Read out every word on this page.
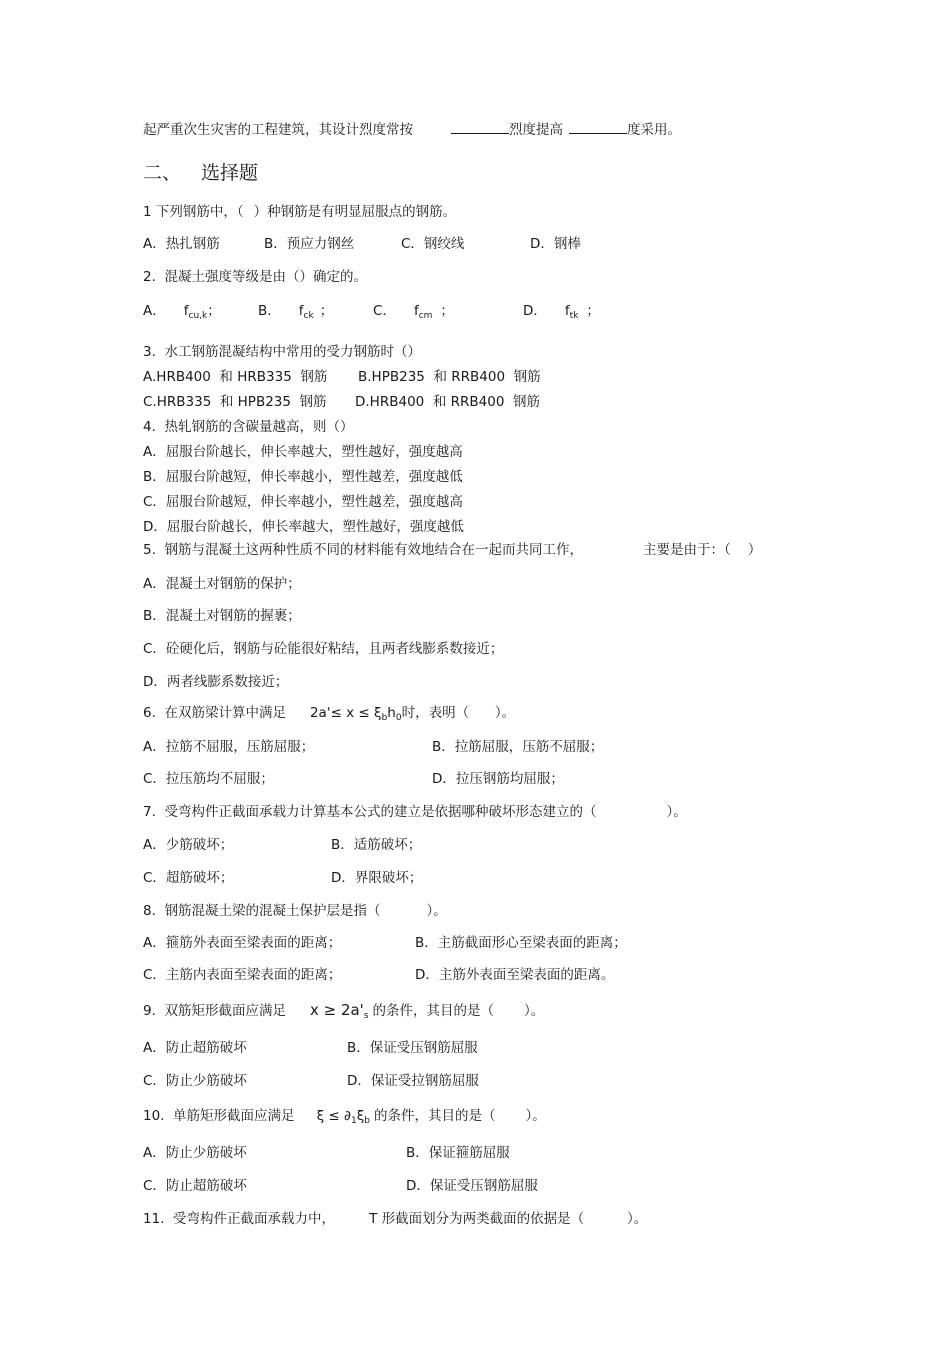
起严重次生灾害的工程建筑，其设计烈度常按	烈度提高	度采用。
二、 选择题
1 下列钢筋中，（ ）种钢筋是有明显屈服点的钢筋。
A．热扎钢筋	B．预应力钢丝	C．钢绞线	D．钢棒
2.  混凝土强度等级是由（）确定的。
A． $f_{cu,k}$；	B． $f_{ck}$ ；	C． $f_{cm}$ ；	D． $f_{tk}$ ；
3.  水工钢筋混凝结构中常用的受力钢筋时（）
A.HRB400  和 HRB335  钢筋 B.HPB235  和 RRB400  钢筋
C.HRB335  和 HPB235  钢筋 D.HRB400  和 RRB400  钢筋
4.  热轧钢筋的含碳量越高，则（）
A．屈服台阶越长，伸长率越大，塑性越好，强度越高
B．屈服台阶越短，伸长率越小，塑性越差，强度越低
C．屈服台阶越短，伸长率越小，塑性越差，强度越高
D．屈服台阶越长，伸长率越大，塑性越好，强度越低
5.  钢筋与混凝土这两种性质不同的材料能有效地结合在一起而共同工作，	主要是由于：（    ）
A．混凝土对钢筋的保护；
B．混凝土对钢筋的握裹；
C．砼硬化后，钢筋与砼能很好粘结，且两者线膨系数接近；
D．两者线膨系数接近；
6.  在双筋梁计算中满足 $2a'\le x \le \xi_bh_0$时，表明（      ）。
A．拉筋不屈服，压筋屈服；	B．拉筋屈服，压筋不屈服；
C．拉压筋均不屈服；	D．拉压钢筋均屈服；
7.  受弯构件正截面承载力计算基本公式的建立是依据哪种破坏形态建立的（	）。
A．少筋破坏；	B．适筋破坏；
C．超筋破坏；	D．界限破坏；
8.  钢筋混凝土梁的混凝土保护层是指（	）。
A．箍筋外表面至梁表面的距离；	B．主筋截面形心至梁表面的距离；
C．主筋内表面至梁表面的距离；	D．主筋外表面至梁表面的距离。
9.  双筋矩形截面应满足 $x \ge 2a'_s$ 的条件，其目的是（       ）。
A．防止超筋破坏	B．保证受压钢筋屈服
C．防止少筋破坏	D．保证受拉钢筋屈服
10.  单筋矩形截面应满足 $\xi \le \partial_1\xi_b$ 的条件，其目的是（       ）。
A．防止少筋破坏	B．保证箍筋屈服
C．防止超筋破坏	D．保证受压钢筋屈服
11.  受弯构件正截面承载力中，	T 形截面划分为两类截面的依据是（          ）。
